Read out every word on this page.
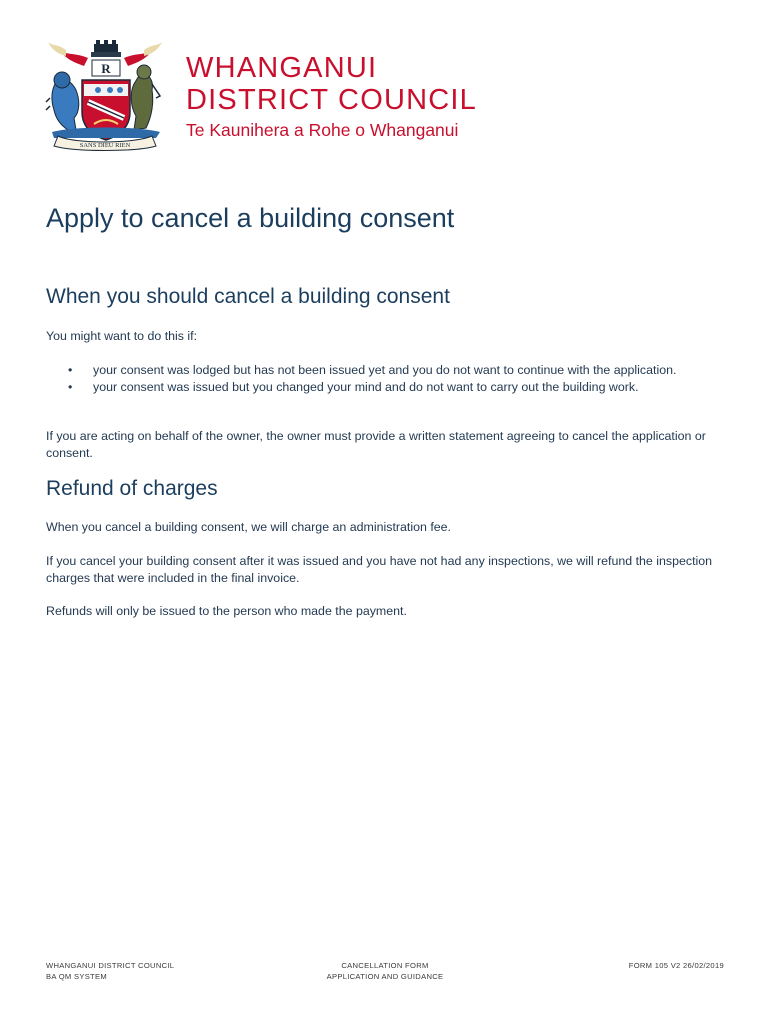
R
SANS DIEU RIEN
WHANGANUI
DISTRICT COUNCIL
Te Kaunihera a Rohe o Whanganui
Apply to cancel a building consent
When you should cancel a building consent
You might want to do this if:
• your consent was lodged but has not been issued yet and you do not want to continue with the application.
• your consent was issued but you changed your mind and do not want to carry out the building work.
If you are acting on behalf of the owner, the owner must provide a written statement agreeing to cancel the application or consent.
Refund of charges
When you cancel a building consent, we will charge an administration fee.
If you cancel your building consent after it was issued and you have not had any inspections, we will refund the inspection charges that were included in the final invoice.
Refunds will only be issued to the person who made the payment.
WHANGANUI DISTRICT COUNCIL
BA QM SYSTEM
CANCELLATION FORM
APPLICATION AND GUIDANCE
FORM 105 V2 26/02/2019
